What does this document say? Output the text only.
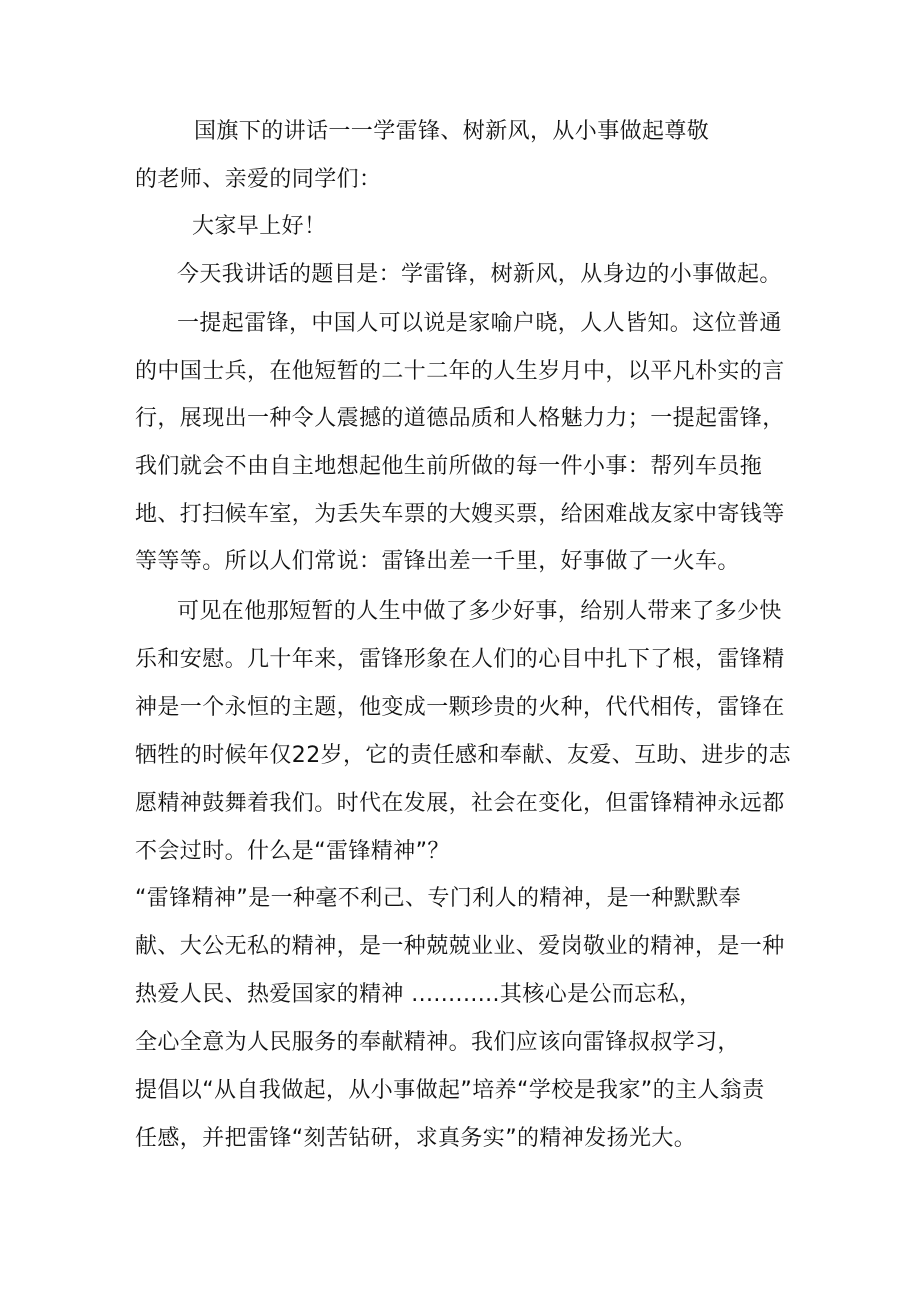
国旗下的讲话一一学雷锋、树新风，从小事做起尊敬
的老师、亲爱的同学们：
大家早上好！
今天我讲话的题目是：学雷锋，树新风，从身边的小事做起。
一提起雷锋，中国人可以说是家喻户晓，人人皆知。这位普通
的中国士兵，在他短暂的二十二年的人生岁月中，以平凡朴实的言
行，展现出一种令人震撼的道德品质和人格魅力力；一提起雷锋，
我们就会不由自主地想起他生前所做的每一件小事：帮列车员拖
地、打扫候车室，为丢失车票的大嫂买票，给困难战友家中寄钱等
等等等。所以人们常说：雷锋出差一千里，好事做了一火车。
可见在他那短暂的人生中做了多少好事，给别人带来了多少快
乐和安慰。几十年来，雷锋形象在人们的心目中扎下了根，雷锋精
神是一个永恒的主题，他变成一颗珍贵的火种，代代相传，雷锋在
牺牲的时候年仅22岁，它的责任感和奉献、友爱、互助、进步的志
愿精神鼓舞着我们。时代在发展，社会在变化，但雷锋精神永远都
不会过时。什么是“雷锋精神”？
“雷锋精神”是一种毫不利己、专门利人的精神，是一种默默奉
献、大公无私的精神，是一种兢兢业业、爱岗敬业的精神，是一种
热爱人民、热爱国家的精神 ............其核心是公而忘私，
全心全意为人民服务的奉献精神。我们应该向雷锋叔叔学习，
提倡以“从自我做起，从小事做起”培养“学校是我家”的主人翁责
任感，并把雷锋“刻苦钻研，求真务实”的精神发扬光大。
